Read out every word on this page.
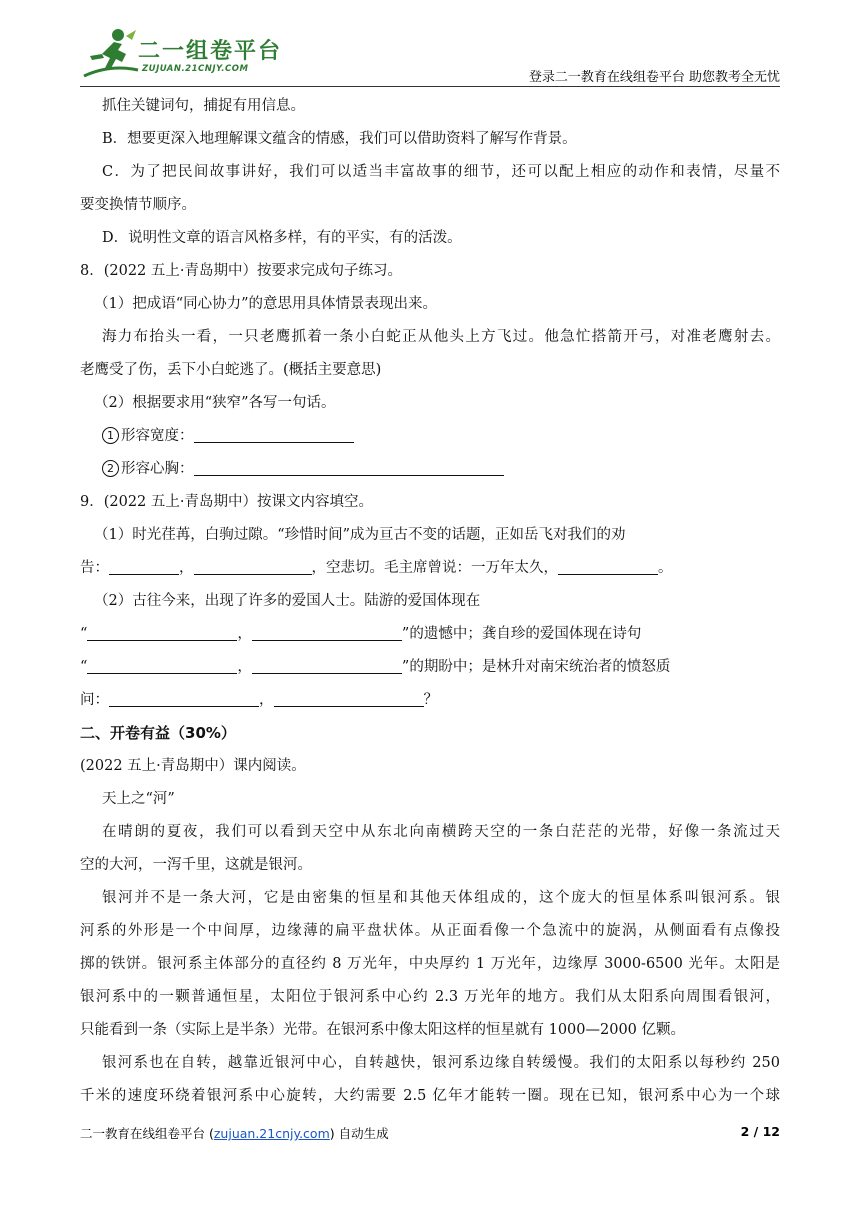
二一组卷平台
ZUJUAN.21CNJY.COM
登录二一教育在线组卷平台 助您教考全无忧
抓住关键词句，捕捉有用信息。
B．想要更深入地理解课文蕴含的情感，我们可以借助资料了解写作背景。
C．为了把民间故事讲好，我们可以适当丰富故事的细节，还可以配上相应的动作和表情，尽量不
要变换情节顺序。
D．说明性文章的语言风格多样，有的平实，有的活泼。
8．(2022 五上·青岛期中）按要求完成句子练习。
（1）把成语“同心协力”的意思用具体情景表现出来。
海力布抬头一看，一只老鹰抓着一条小白蛇正从他头上方飞过。他急忙搭箭开弓，对准老鹰射去。
老鹰受了伤，丢下小白蛇逃了。(概括主要意思)
（2）根据要求用“狭窄”各写一句话。
1 形容宽度：
2 形容心胸：
9．(2022 五上·青岛期中）按课文内容填空。
（1）时光荏苒，白驹过隙。“珍惜时间”成为亘古不变的话题，正如岳飞对我们的劝
告：	，	，空悲切。毛主席曾说：一万年太久，	。
（2）古往今来，出现了许多的爱国人士。陆游的爱国体现在
“	，	”的遗憾中；龚自珍的爱国体现在诗句
“	，	”的期盼中；是林升对南宋统治者的愤怒质
问：	，	？
二、开卷有益（30%）
(2022 五上·青岛期中）课内阅读。
天上之“河”
在晴朗的夏夜，我们可以看到天空中从东北向南横跨天空的一条白茫茫的光带，好像一条流过天
空的大河，一泻千里，这就是银河。
银河并不是一条大河，它是由密集的恒星和其他天体组成的，这个庞大的恒星体系叫银河系。银
河系的外形是一个中间厚，边缘薄的扁平盘状体。从正面看像一个急流中的旋涡，从侧面看有点像投
掷的铁饼。银河系主体部分的直径约 8 万光年，中央厚约 1 万光年，边缘厚 3000-6500 光年。太阳是
银河系中的一颗普通恒星，太阳位于银河系中心约 2.3 万光年的地方。我们从太阳系向周围看银河，
只能看到一条（实际上是半条）光带。在银河系中像太阳这样的恒星就有 1000—2000 亿颗。
银河系也在自转，越靠近银河中心，自转越快，银河系边缘自转缓慢。我们的太阳系以每秒约 250
千米的速度环绕着银河系中心旋转，大约需要 2.5 亿年才能转一圈。现在已知，银河系中心为一个球
二一教育在线组卷平台 (zujuan.21cnjy.com) 自动生成	2 / 12
